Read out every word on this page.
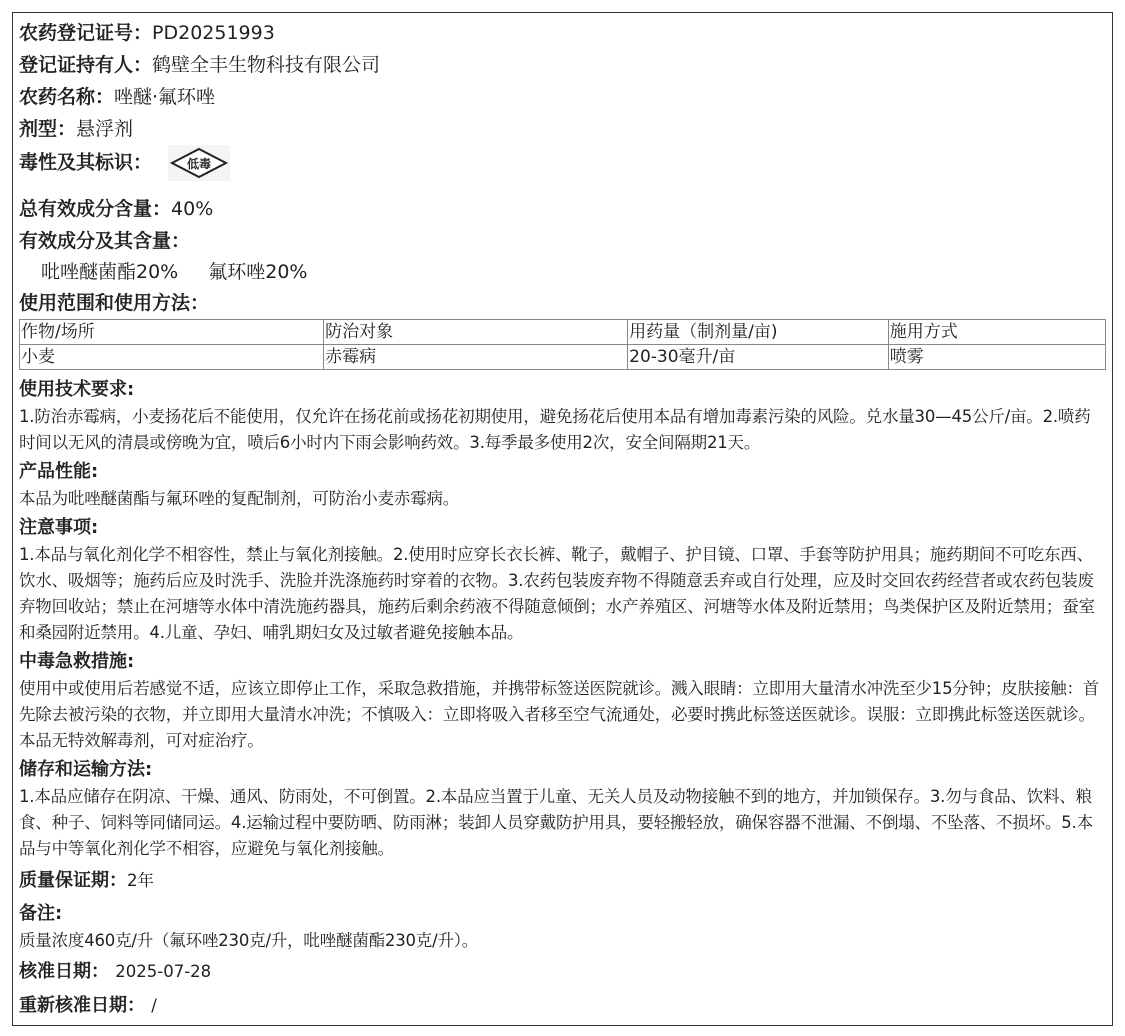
农药登记证号：PD20251993
登记证持有人：鹤壁全丰生物科技有限公司
农药名称：唑醚·氟环唑
剂型：悬浮剂
毒性及其标识：	低毒
总有效成分含量：40%
有效成分及其含量：
吡唑醚菌酯20% 氟环唑20%
使用范围和使用方法：
作物/场所	防治对象	用药量（制剂量/亩)	施用方式
小麦	赤霉病	20-30毫升/亩	喷雾
使用技术要求:
1.防治赤霉病，小麦扬花后不能使用，仅允许在扬花前或扬花初期使用，避免扬花后使用本品有增加毒素污染的风险。兑水量30—45公斤/亩。2.喷药时间以无风的清晨或傍晚为宜，喷后6小时内下雨会影响药效。3.每季最多使用2次，安全间隔期21天。
产品性能:
本品为吡唑醚菌酯与氟环唑的复配制剂，可防治小麦赤霉病。
注意事项:
1.本品与氧化剂化学不相容性，禁止与氧化剂接触。2.使用时应穿长衣长裤、靴子，戴帽子、护目镜、口罩、手套等防护用具；施药期间不可吃东西、饮水、吸烟等；施药后应及时洗手、洗脸并洗涤施药时穿着的衣物。3.农药包装废弃物不得随意丢弃或自行处理，应及时交回农药经营者或农药包装废弃物回收站；禁止在河塘等水体中清洗施药器具，施药后剩余药液不得随意倾倒；水产养殖区、河塘等水体及附近禁用；鸟类保护区及附近禁用；蚕室和桑园附近禁用。4.儿童、孕妇、哺乳期妇女及过敏者避免接触本品。
中毒急救措施:
使用中或使用后若感觉不适，应该立即停止工作，采取急救措施，并携带标签送医院就诊。溅入眼睛：立即用大量清水冲洗至少15分钟；皮肤接触：首先除去被污染的衣物，并立即用大量清水冲洗；不慎吸入：立即将吸入者移至空气流通处，必要时携此标签送医就诊。误服：立即携此标签送医就诊。本品无特效解毒剂，可对症治疗。
储存和运输方法:
1.本品应储存在阴凉、干燥、通风、防雨处，不可倒置。2.本品应当置于儿童、无关人员及动物接触不到的地方，并加锁保存。3.勿与食品、饮料、粮食、种子、饲料等同储同运。4.运输过程中要防晒、防雨淋；装卸人员穿戴防护用具，要轻搬轻放，确保容器不泄漏、不倒塌、不坠落、不损坏。5.本品与中等氧化剂化学不相容，应避免与氧化剂接触。
质量保证期：2年
备注:
质量浓度460克/升（氟环唑230克/升，吡唑醚菌酯230克/升）。
核准日期： 2025-07-28
重新核准日期： /
